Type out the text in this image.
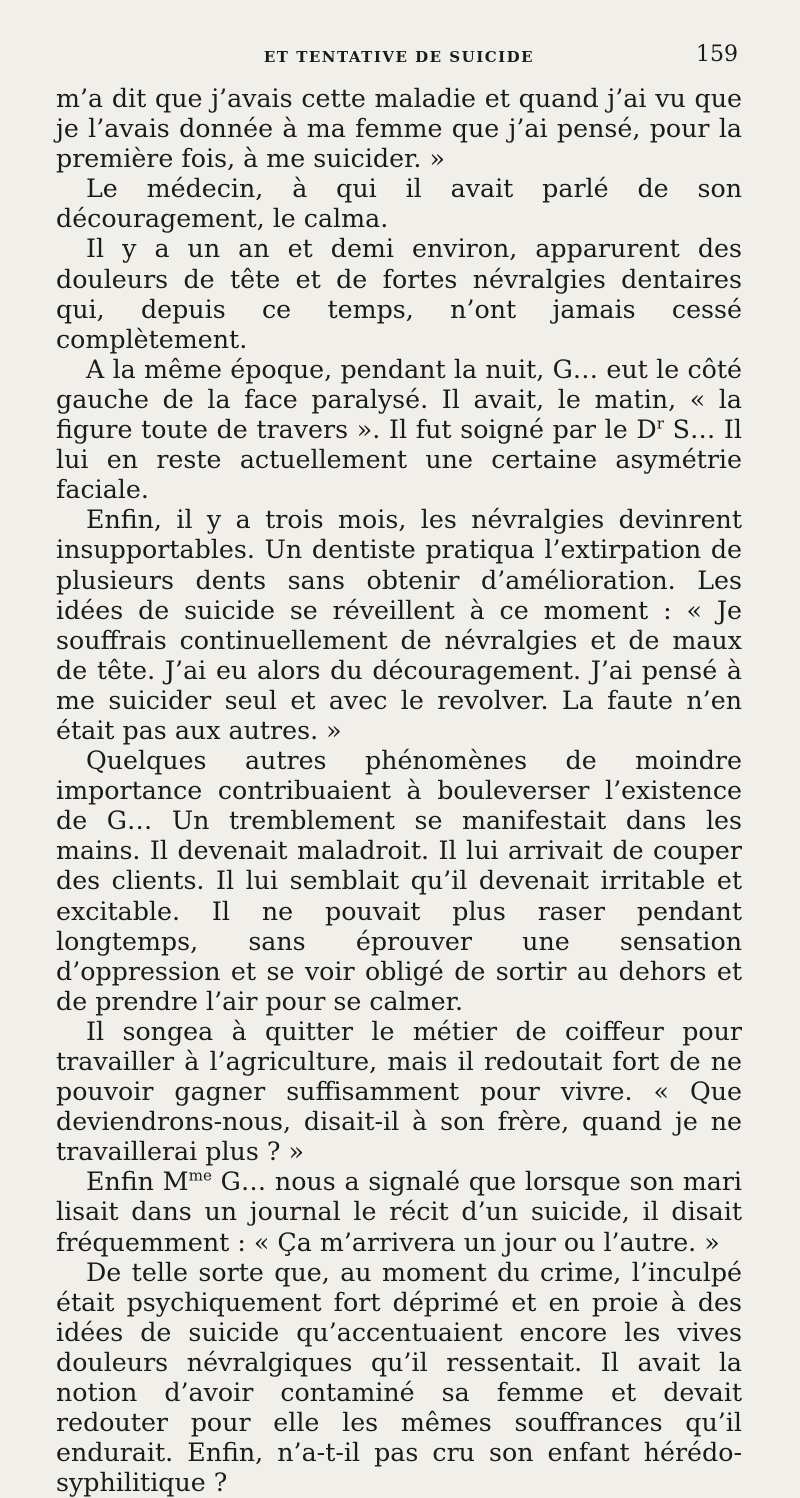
ET TENTATIVE DE SUICIDE	159

m’a dit que j’avais cette maladie et quand j’ai vu que je l’avais donnée à ma femme que j’ai pensé, pour la première fois, à me suicider. »

Le médecin, à qui il avait parlé de son découragement, le calma.

Il y a un an et demi environ, apparurent des douleurs de tête et de fortes névralgies dentaires qui, depuis ce temps, n’ont jamais cessé complètement.

A la même époque, pendant la nuit, G… eut le côté gauche de la face paralysé. Il avait, le matin, « la figure toute de travers ». Il fut soigné par le $D^r$ S… Il lui en reste actuellement une certaine asymétrie faciale.

Enfin, il y a trois mois, les névralgies devinrent insupportables. Un dentiste pratiqua l’extirpation de plusieurs dents sans obtenir d’amélioration. Les idées de suicide se réveillent à ce moment : « Je souffrais continuellement de névralgies et de maux de tête. J’ai eu alors du découragement. J’ai pensé à me suicider seul et avec le revolver. La faute n’en était pas aux autres. »

Quelques autres phénomènes de moindre importance contribuaient à bouleverser l’existence de G… Un tremblement se manifestait dans les mains. Il devenait maladroit. Il lui arrivait de couper des clients. Il lui semblait qu’il devenait irritable et excitable. Il ne pouvait plus raser pendant longtemps, sans éprouver une sensation d’oppression et se voir obligé de sortir au dehors et de prendre l’air pour se calmer.

Il songea à quitter le métier de coiffeur pour travailler à l’agriculture, mais il redoutait fort de ne pouvoir gagner suffisamment pour vivre. « Que deviendrons-nous, disait-il à son frère, quand je ne travaillerai plus ? »

Enfin $M^{me}$ G… nous a signalé que lorsque son mari lisait dans un journal le récit d’un suicide, il disait fréquemment : « Ça m’arrivera un jour ou l’autre. »

De telle sorte que, au moment du crime, l’inculpé était psychiquement fort déprimé et en proie à des idées de suicide qu’accentuaient encore les vives douleurs névralgiques qu’il ressentait. Il avait la notion d’avoir contaminé sa femme et devait redouter pour elle les mêmes souffrances qu’il endurait. Enfin, n’a-t-il pas cru son enfant hérédo-syphilitique ?
